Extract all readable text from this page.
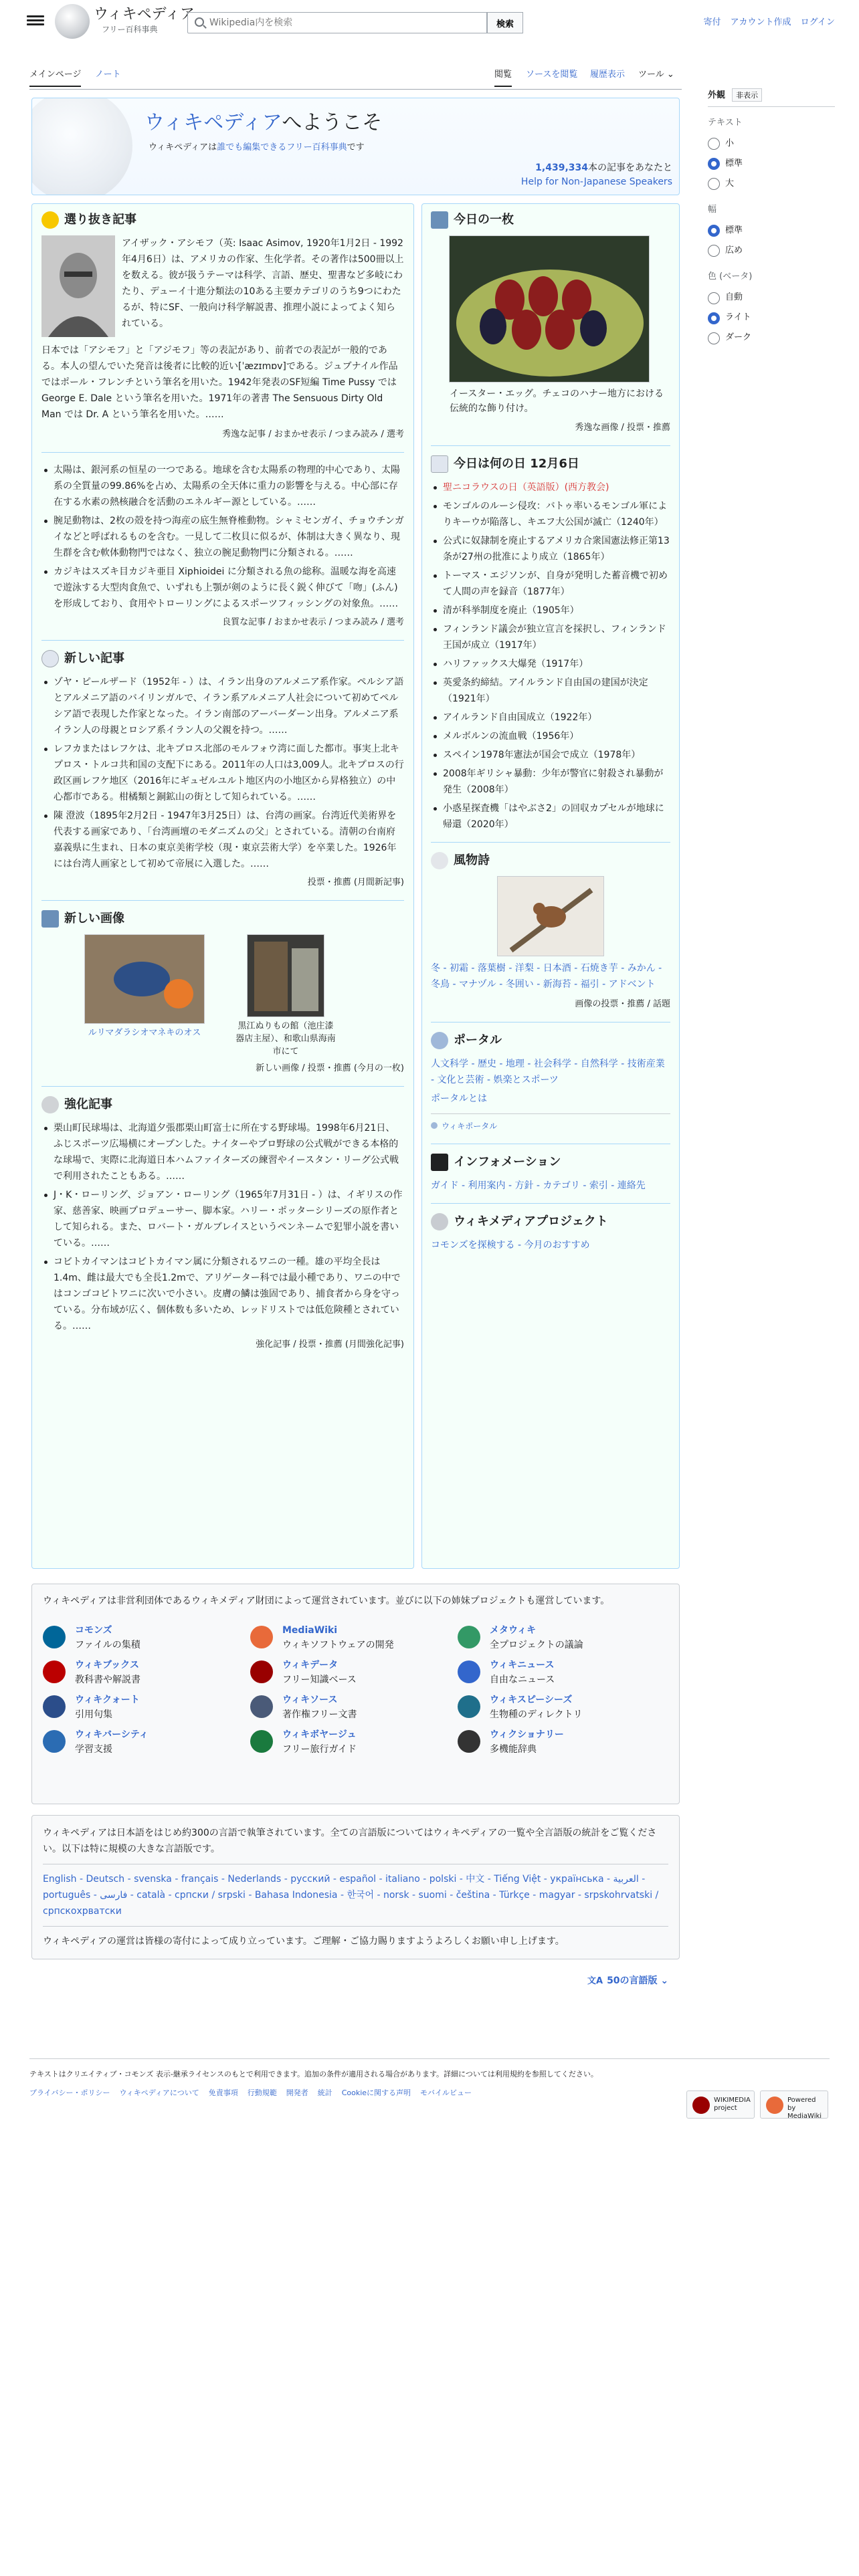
ウィキペディア
フリー百科事典
Wikipedia内を検索
検索	寄付 アカウント作成 ログイン
メインページ ノート	閲覧 ソースを閲覧 履歴表示 ツール ⌄
外観 非表示
テキスト
小
標準
大
幅
標準
広め
色 (ベータ)
自動
ライト
ダーク
ウィキペディアへようこそ
ウィキペディアは誰でも編集できるフリー百科事典です
1,439,334本の記事をあなたと
Help for Non-Japanese Speakers
選り抜き記事

アイザック・アシモフ（英: Isaac Asimov, 1920年1月2日 - 1992年4月6日）は、アメリカの作家、生化学者。その著作は500冊以上を数える。彼が扱うテーマは科学、言語、歴史、聖書など多岐にわたり、デューイ十進分類法の10ある主要カテゴリのうち9つにわたるが、特にSF、一般向け科学解説書、推理小説によってよく知られている。

日本では「アシモフ」と「アジモフ」等の表記があり、前者での表記が一般的である。本人の望んでいた発音は後者に比較的近い[ˈæzɪmɒv]である。ジュブナイル作品ではポール・フレンチという筆名を用いた。1942年発表のSF短編 Time Pussy では George E. Dale という筆名を用いた。1971年の著書 The Sensuous Dirty Old Man では Dr. A という筆名を用いた。……

秀逸な記事 / おまかせ表示 / つまみ読み / 選考
太陽は、銀河系の恒星の一つである。地球を含む太陽系の物理的中心であり、太陽系の全質量の99.86%を占め、太陽系の全天体に重力の影響を与える。中心部に存在する水素の熱核融合を活動のエネルギー源としている。……
腕足動物は、2枚の殻を持つ海産の底生無脊椎動物。シャミセンガイ、チョウチンガイなどと呼ばれるものを含む。一見して二枚貝に似るが、体制は大きく異なり、現生群を含む軟体動物門ではなく、独立の腕足動物門に分類される。……
カジキはスズキ目カジキ亜目 Xiphioidei に分類される魚の総称。温暖な海を高速で遊泳する大型肉食魚で、いずれも上顎が剣のように長く鋭く伸びて「吻」(ふん)を形成しており、食用やトローリングによるスポーツフィッシングの対象魚。……
良質な記事 / おまかせ表示 / つまみ読み / 選考
新しい記事
ゾヤ・ピールザード（1952年 - ）は、イラン出身のアルメニア系作家。ペルシア語とアルメニア語のバイリンガルで、イラン系アルメニア人社会について初めてペルシア語で表現した作家となった。イラン南部のアーバーダーン出身。アルメニア系イラン人の母親とロシア系イラン人の父親を持つ。……
レフカまたはレフケは、北キプロス北部のモルフォウ湾に面した都市。事実上北キプロス・トルコ共和国の支配下にある。2011年の人口は3,009人。北キプロスの行政区画レフケ地区（2016年にギュゼルユルト地区内の小地区から昇格独立）の中心都市である。柑橘類と銅鉱山の街として知られている。……
陳 澄波（1895年2月2日 - 1947年3月25日）は、台湾の画家。台湾近代美術界を代表する画家であり、「台湾画壇のモダニズムの父」とされている。清朝の台南府嘉義県に生まれ、日本の東京美術学校（現・東京芸術大学）を卒業した。1926年には台湾人画家として初めて帝展に入選した。……
投票・推薦 (月間新記事)
新しい画像
ルリマダラシオマネキのオス
黒江ぬりもの館（池庄漆器店主屋）、和歌山県海南市にて
新しい画像 / 投票・推薦 (今月の一枚)
強化記事
栗山町民球場は、北海道夕張郡栗山町富士に所在する野球場。1998年6月21日、ふじスポーツ広場横にオープンした。ナイターやプロ野球の公式戦ができる本格的な球場で、実際に北海道日本ハムファイターズの練習やイースタン・リーグ公式戦で利用されたこともある。……
J・K・ローリング、ジョアン・ローリング（1965年7月31日 - ）は、イギリスの作家、慈善家、映画プロデューサー、脚本家。ハリー・ポッターシリーズの原作者として知られる。また、ロバート・ガルブレイスというペンネームで犯罪小説を書いている。……
コビトカイマンはコビトカイマン属に分類されるワニの一種。雄の平均全長は1.4m、雌は最大でも全長1.2mで、アリゲーター科では最小種であり、ワニの中ではコンゴコビトワニに次いで小さい。皮膚の鱗は強固であり、捕食者から身を守っている。分布域が広く、個体数も多いため、レッドリストでは低危険種とされている。……
強化記事 / 投票・推薦 (月間強化記事)
今日の一枚
イースター・エッグ。チェコのハナー地方における伝統的な飾り付け。
秀逸な画像 / 投票・推薦
今日は何の日 12月6日
聖ニコラウスの日（英語版）(西方教会)
モンゴルのルーシ侵攻：バトゥ率いるモンゴル軍によりキーウが陥落し、キエフ大公国が滅亡（1240年）
公式に奴隷制を廃止するアメリカ合衆国憲法修正第13条が27州の批准により成立（1865年）
トーマス・エジソンが、自身が発明した蓄音機で初めて人間の声を録音（1877年）
清が科挙制度を廃止（1905年）
フィンランド議会が独立宣言を採択し、フィンランド王国が成立（1917年）
ハリファックス大爆発（1917年）
英愛条約締結。アイルランド自由国の建国が決定（1921年）
アイルランド自由国成立（1922年）
メルボルンの流血戦（1956年）
スペイン1978年憲法が国会で成立（1978年）
2008年ギリシャ暴動：少年が警官に射殺され暴動が発生（2008年）
小惑星探査機「はやぶさ2」の回収カプセルが地球に帰還（2020年）
風物詩

冬 - 初霜 - 落葉樹 - 洋梨 - 日本酒 - 石焼き芋 - みかん - 冬鳥 - マナヅル - 冬囲い - 新海苔 - 福引 - アドベント

画像の投票・推薦 / 話題
ポータル

人文科学 - 歴史 - 地理 - 社会科学 - 自然科学 - 技術産業 - 文化と芸術 - 娯楽とスポーツ

ポータルとは

ウィキポータル
インフォメーション

ガイド - 利用案内 - 方針 - カテゴリ - 索引 - 連絡先

ウィキメディアプロジェクト

コモンズを探検する - 今月のおすすめ

ウィキペディアは非営利団体であるウィキメディア財団によって運営されています。並びに以下の姉妹プロジェクトも運営しています。

コモンズ
ファイルの集積
MediaWiki
ウィキソフトウェアの開発
メタウィキ
全プロジェクトの議論
ウィキブックス
教科書や解説書
ウィキデータ
フリー知識ベース
ウィキニュース
自由なニュース
ウィキクォート
引用句集
ウィキソース
著作権フリー文書
ウィキスピーシーズ
生物種のディレクトリ
ウィキバーシティ
学習支援
ウィキボヤージュ
フリー旅行ガイド
ウィクショナリー
多機能辞典

ウィキペディアは日本語をはじめ約300の言語で執筆されています。全ての言語版についてはウィキペディアの一覧や全言語版の統計をご覧ください。以下は特に規模の大きな言語版です。

English - Deutsch - svenska - français - Nederlands - русский - español - italiano - polski - 中文 - Tiếng Việt - українська - العربية - português - فارسی - català - српски / srpski - Bahasa Indonesia - 한국어 - norsk - suomi - čeština - Türkçe - magyar - srpskohrvatski / српскохрватски

ウィキペディアの運営は皆様の寄付によって成り立っています。ご理解・ご協力賜りますようよろしくお願い申し上げます。

文A 50の言語版 ⌄

テキストはクリエイティブ・コモンズ 表示-継承ライセンスのもとで利用できます。追加の条件が適用される場合があります。詳細については利用規約を参照してください。

プライバシー・ポリシー ウィキペディアについて 免責事項 行動規範 開発者 統計 Cookieに関する声明 モバイルビュー

WIKIMEDIA project
Powered by MediaWiki
